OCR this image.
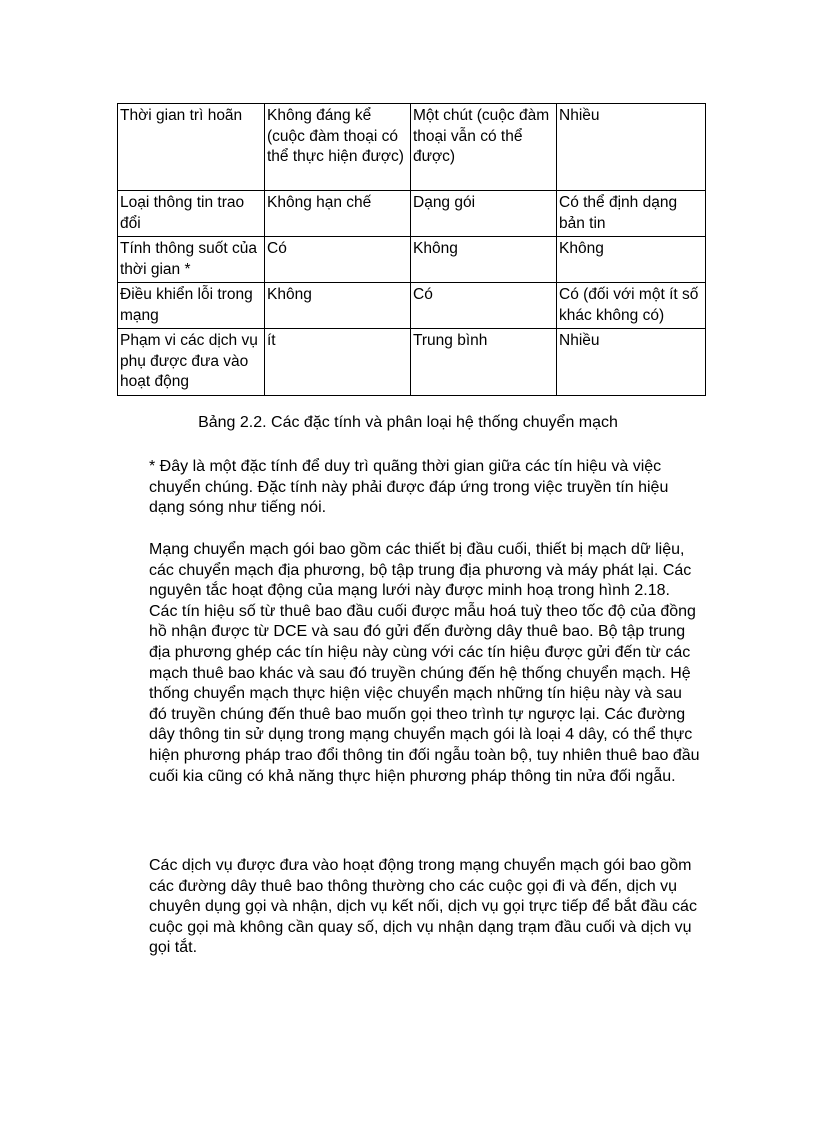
Thời gian trì hoãn	Không đáng kể (cuộc đàm thoại có thể thực hiện được)	Một chút (cuộc đàm thoại vẫn có thể được)	Nhiều
Loại thông tin trao đổi	Không hạn chế	Dạng gói	Có thể định dạng bản tin
Tính thông suốt của thời gian *	Có	Không	Không
Điều khiển lỗi trong mạng	Không	Có	Có (đối với một ít số khác không có)
Phạm vi các dịch vụ phụ được đưa vào hoạt động	ít	Trung bình	Nhiều
Bảng 2.2. Các đặc tính và phân loại hệ thống chuyển mạch

* Đây là một đặc tính để duy trì quãng thời gian giữa các tín hiệu và việc chuyển chúng. Đặc tính này phải được đáp ứng trong việc truyền tín hiệu dạng sóng như tiếng nói.

Mạng chuyển mạch gói bao gồm các thiết bị đầu cuối, thiết bị mạch dữ liệu, các chuyển mạch địa phương, bộ tập trung địa phương và máy phát lại. Các nguyên tắc hoạt động của mạng lưới này được minh hoạ trong hình 2.18. Các tín hiệu số từ thuê bao đầu cuối được mẫu hoá tuỳ theo tốc độ của đồng hồ nhận được từ DCE và sau đó gửi đến đường dây thuê bao. Bộ tập trung địa phương ghép các tín hiệu này cùng với các tín hiệu được gửi đến từ các mạch thuê bao khác và sau đó truyền chúng đến hệ thống chuyển mạch. Hệ thống chuyển mạch thực hiện việc chuyển mạch những tín hiệu này và sau đó truyền chúng đến thuê bao muốn gọi theo trình tự ngược lại. Các đường dây thông tin sử dụng trong mạng chuyển mạch gói là loại 4 dây, có thể thực hiện phương pháp trao đổi thông tin đối ngẫu toàn bộ, tuy nhiên thuê bao đầu cuối kia cũng có khả năng thực hiện phương pháp thông tin nửa đối ngẫu.

Các dịch vụ được đưa vào hoạt động trong mạng chuyển mạch gói bao gồm các đường dây thuê bao thông thường cho các cuộc gọi đi và đến, dịch vụ chuyên dụng gọi và nhận, dịch vụ kết nối, dịch vụ gọi trực tiếp để bắt đầu các cuộc gọi mà không cần quay số, dịch vụ nhận dạng trạm đầu cuối và dịch vụ gọi tắt.
